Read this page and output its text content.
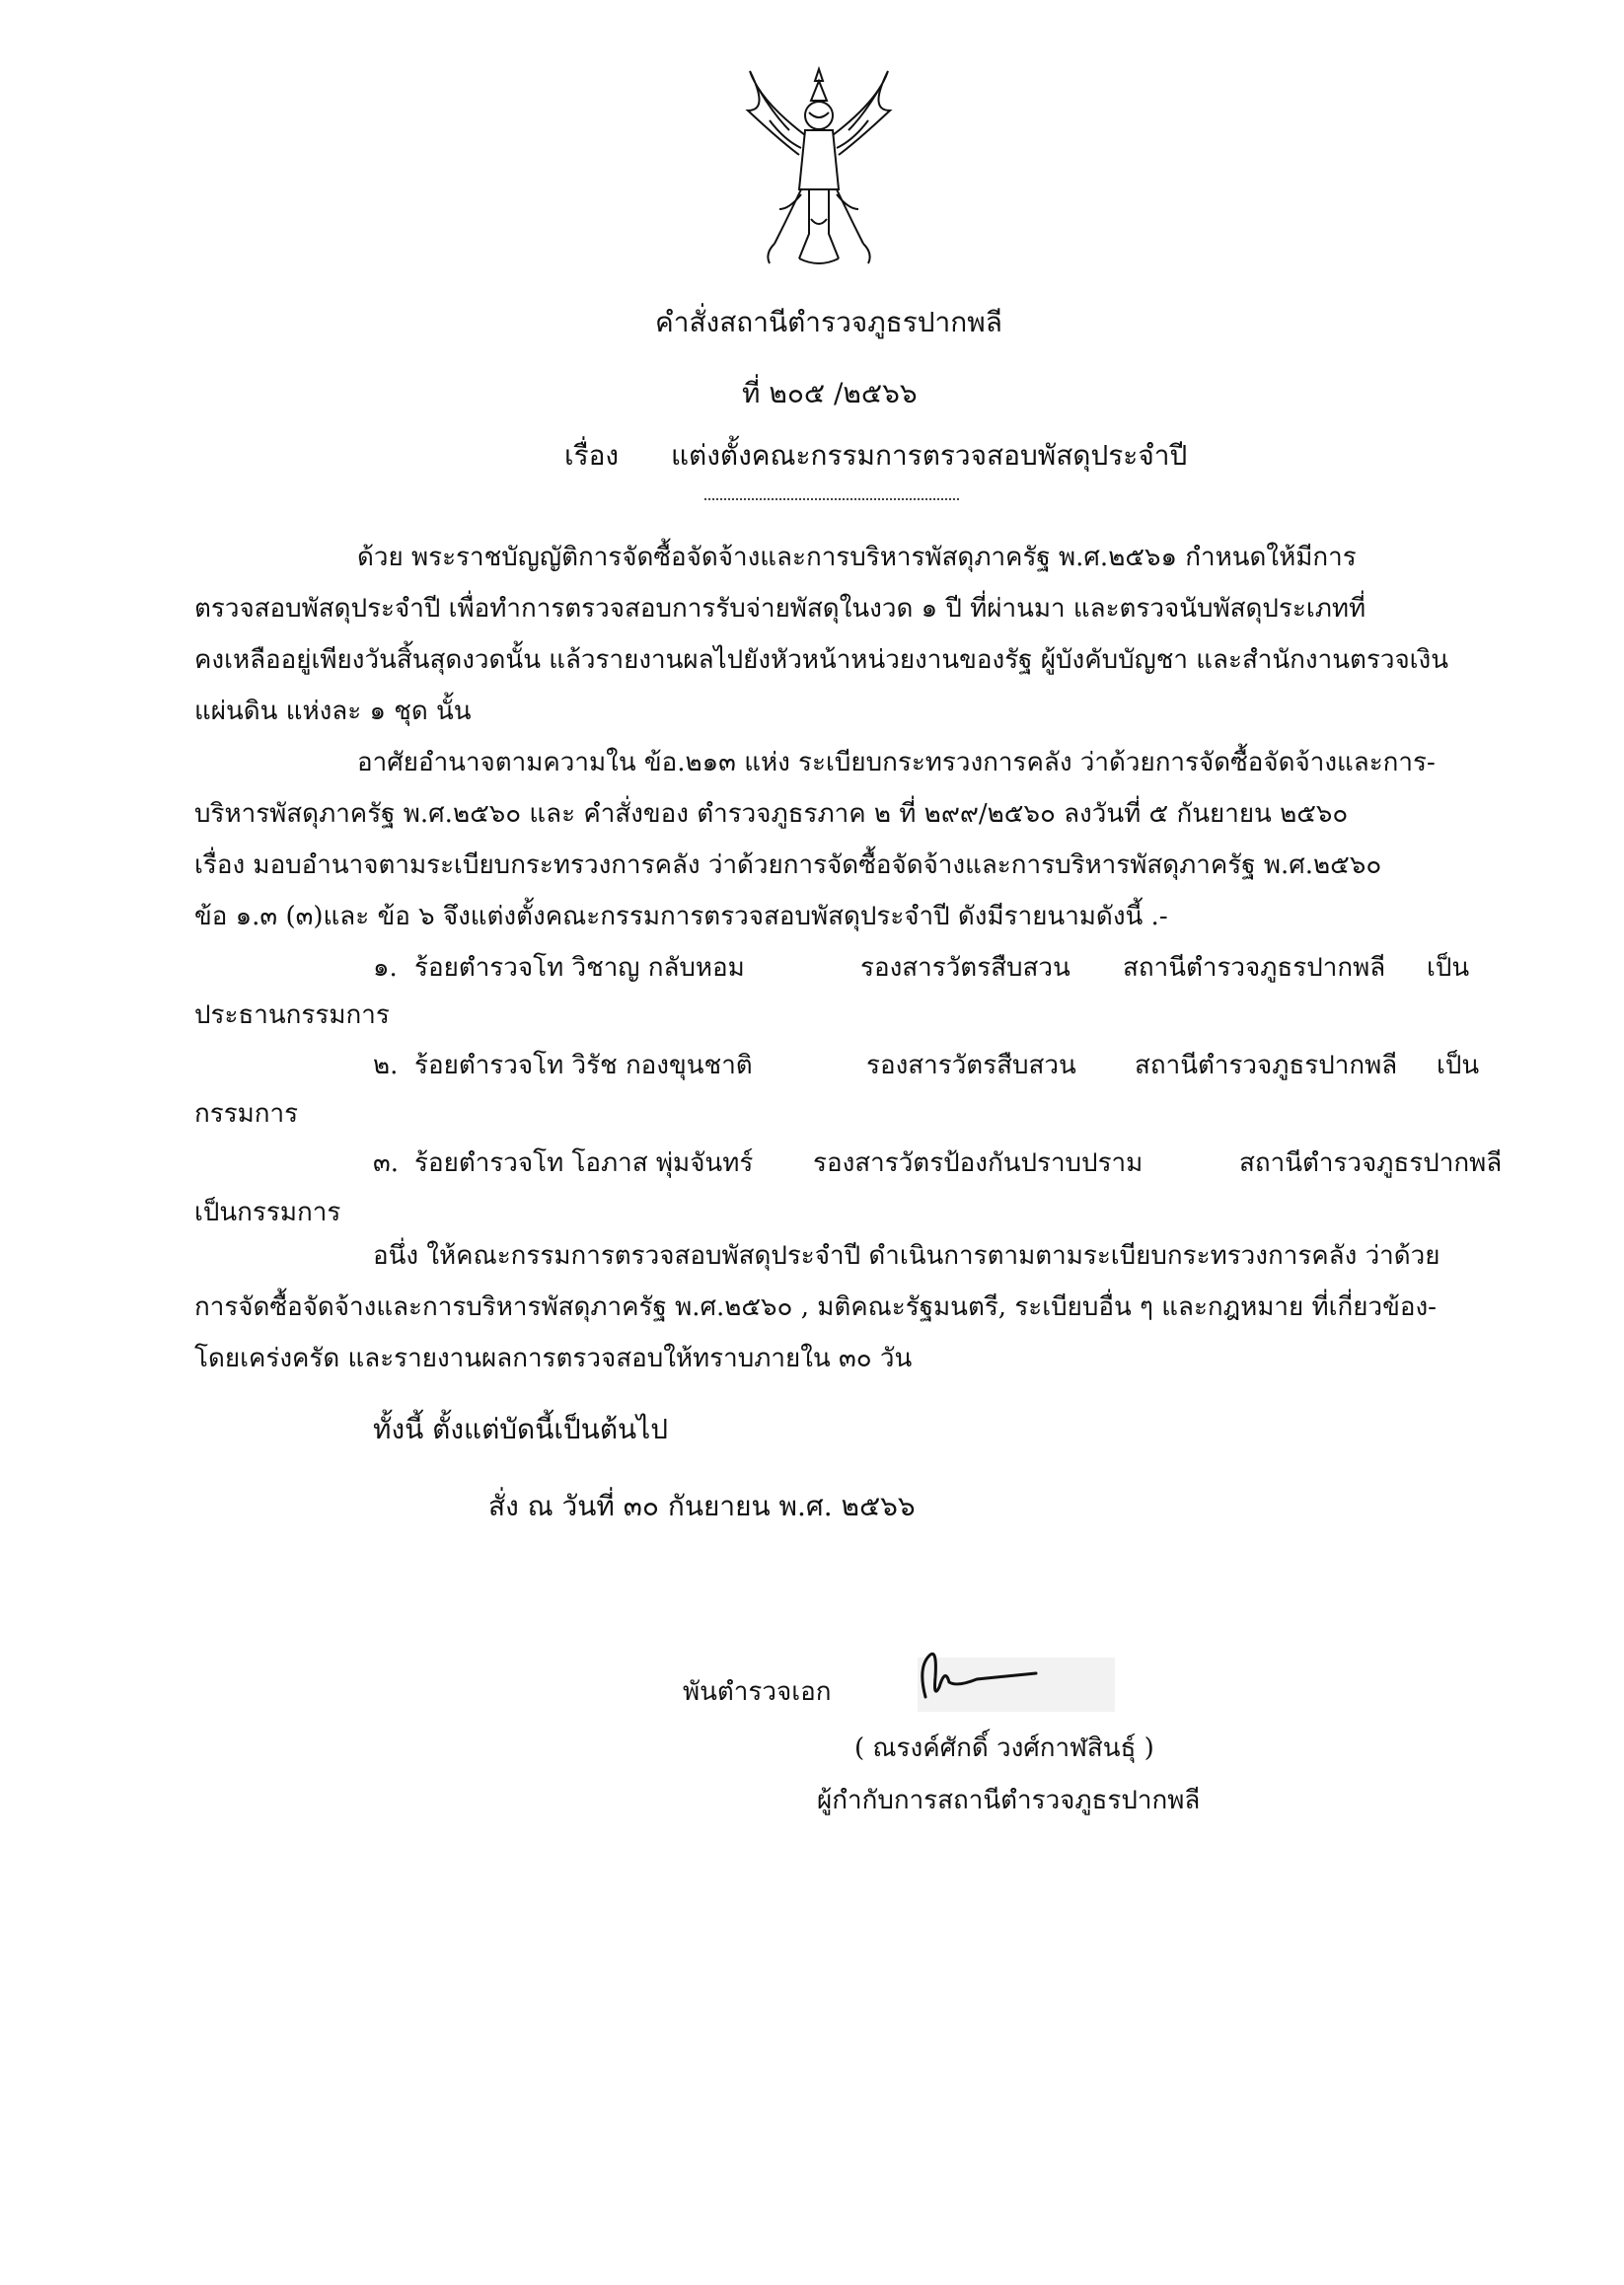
คำสั่งสถานีตำรวจภูธรปากพลี
ที่ ๒๐๕ /๒๕๖๖
เรื่อง แต่งตั้งคณะกรรมการตรวจสอบพัสดุประจำปี
ด้วย พระราชบัญญัติการจัดซื้อจัดจ้างและการบริหารพัสดุภาครัฐ พ.ศ.๒๕๖๑ กำหนดให้มีการ
ตรวจสอบพัสดุประจำปี เพื่อทำการตรวจสอบการรับจ่ายพัสดุในงวด ๑ ปี ที่ผ่านมา และตรวจนับพัสดุประเภทที่
คงเหลืออยู่เพียงวันสิ้นสุดงวดนั้น แล้วรายงานผลไปยังหัวหน้าหน่วยงานของรัฐ ผู้บังคับบัญชา และสำนักงานตรวจเงิน
แผ่นดิน แห่งละ ๑ ชุด นั้น
อาศัยอำนาจตามความใน ข้อ.๒๑๓ แห่ง ระเบียบกระทรวงการคลัง ว่าด้วยการจัดซื้อจัดจ้างและการ-
บริหารพัสดุภาครัฐ พ.ศ.๒๕๖๐ และ คำสั่งของ ตำรวจภูธรภาค ๒ ที่ ๒๙๙/๒๕๖๐ ลงวันที่ ๕ กันยายน ๒๕๖๐
เรื่อง มอบอำนาจตามระเบียบกระทรวงการคลัง ว่าด้วยการจัดซื้อจัดจ้างและการบริหารพัสดุภาครัฐ พ.ศ.๒๕๖๐
ข้อ ๑.๓ (๓)และ ข้อ ๖ จึงแต่งตั้งคณะกรรมการตรวจสอบพัสดุประจำปี ดังมีรายนามดังนี้ .-
๑. ร้อยตำรวจโท วิชาญ กลับหอม	รองสารวัตรสืบสวน สถานีตำรวจภูธรปากพลี เป็น
ประธานกรรมการ
๒. ร้อยตำรวจโท วิรัช กองขุนชาติ	รองสารวัตรสืบสวน สถานีตำรวจภูธรปากพลี เป็น
กรรมการ
๓. ร้อยตำรวจโท โอภาส พุ่มจันทร์ รองสารวัตรป้องกันปราบปราม	สถานีตำรวจภูธรปากพลี
เป็นกรรมการ
อนึ่ง ให้คณะกรรมการตรวจสอบพัสดุประจำปี ดำเนินการตามตามระเบียบกระทรวงการคลัง ว่าด้วย
การจัดซื้อจัดจ้างและการบริหารพัสดุภาครัฐ พ.ศ.๒๕๖๐ , มติคณะรัฐมนตรี, ระเบียบอื่น ๆ และกฎหมาย ที่เกี่ยวข้อง-
โดยเคร่งครัด และรายงานผลการตรวจสอบให้ทราบภายใน ๓๐ วัน
ทั้งนี้ ตั้งแต่บัดนี้เป็นต้นไป
สั่ง ณ วันที่ ๓๐ กันยายน พ.ศ. ๒๕๖๖
พันตำรวจเอก
( ณรงค์ศักดิ์ วงศ์กาฬสินธุ์ )
ผู้กำกับการสถานีตำรวจภูธรปากพลี
